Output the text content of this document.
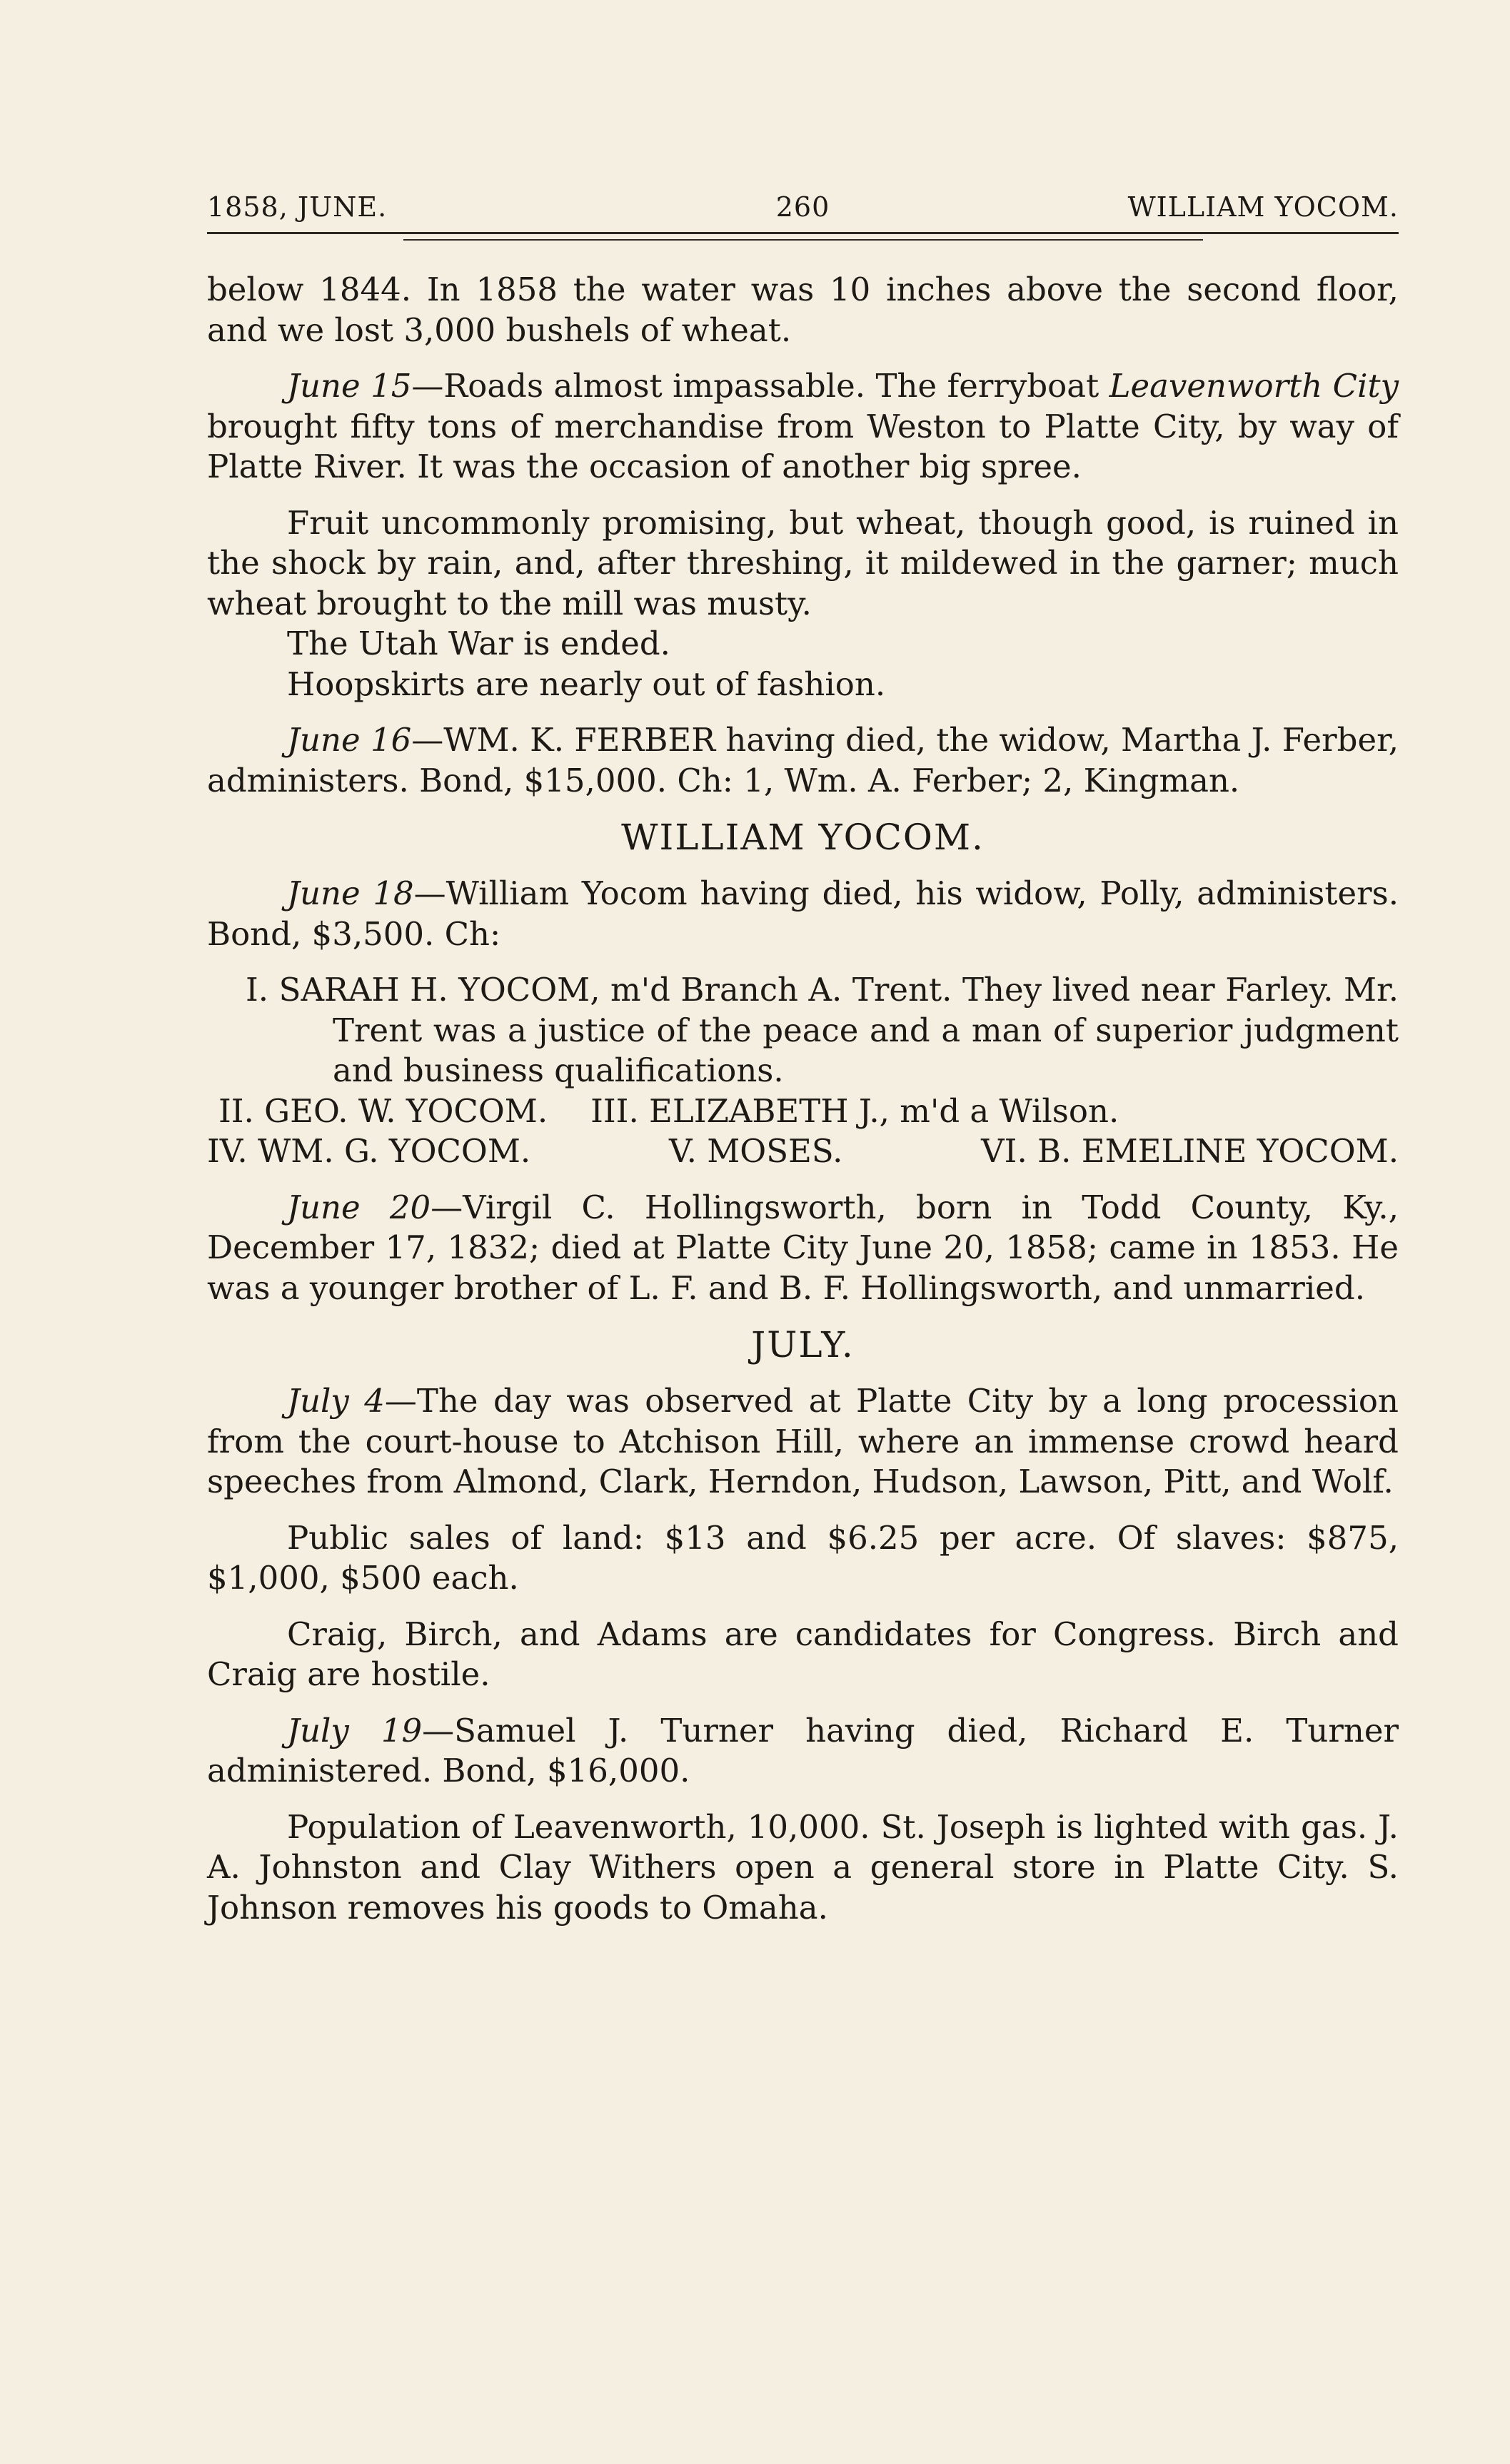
1858, JUNE.	260	WILLIAM YOCOM.

below 1844. In 1858 the water was 10 inches above the second floor, and we lost 3,000 bushels of wheat.

June 15—Roads almost impassable. The ferryboat Leavenworth City brought fifty tons of merchandise from Weston to Platte City, by way of Platte River. It was the occasion of another big spree.

Fruit uncommonly promising, but wheat, though good, is ruined in the shock by rain, and, after threshing, it mildewed in the garner; much wheat brought to the mill was musty.

The Utah War is ended.

Hoopskirts are nearly out of fashion.

June 16—WM. K. FERBER having died, the widow, Martha J. Ferber, administers. Bond, $15,000. Ch: 1, Wm. A. Ferber; 2, Kingman.

WILLIAM YOCOM.

June 18—William Yocom having died, his widow, Polly, administers. Bond, $3,500. Ch:

I. SARAH H. YOCOM, m'd Branch A. Trent. They lived near Farley. Mr. Trent was a justice of the peace and a man of superior judgment and business qualifications.
II. GEO. W. YOCOM. III. ELIZABETH J., m'd a Wilson.
IV. WM. G. YOCOM.	V. MOSES.	VI. B. EMELINE YOCOM.

June 20—Virgil C. Hollingsworth, born in Todd County, Ky., December 17, 1832; died at Platte City June 20, 1858; came in 1853. He was a younger brother of L. F. and B. F. Hollingsworth, and unmarried.

JULY.

July 4—The day was observed at Platte City by a long procession from the court-house to Atchison Hill, where an immense crowd heard speeches from Almond, Clark, Herndon, Hudson, Lawson, Pitt, and Wolf.

Public sales of land: $13 and $6.25 per acre. Of slaves: $875, $1,000, $500 each.

Craig, Birch, and Adams are candidates for Congress. Birch and Craig are hostile.

July 19—Samuel J. Turner having died, Richard E. Turner administered. Bond, $16,000.

Population of Leavenworth, 10,000. St. Joseph is lighted with gas. J. A. Johnston and Clay Withers open a general store in Platte City. S. Johnson removes his goods to Omaha.
